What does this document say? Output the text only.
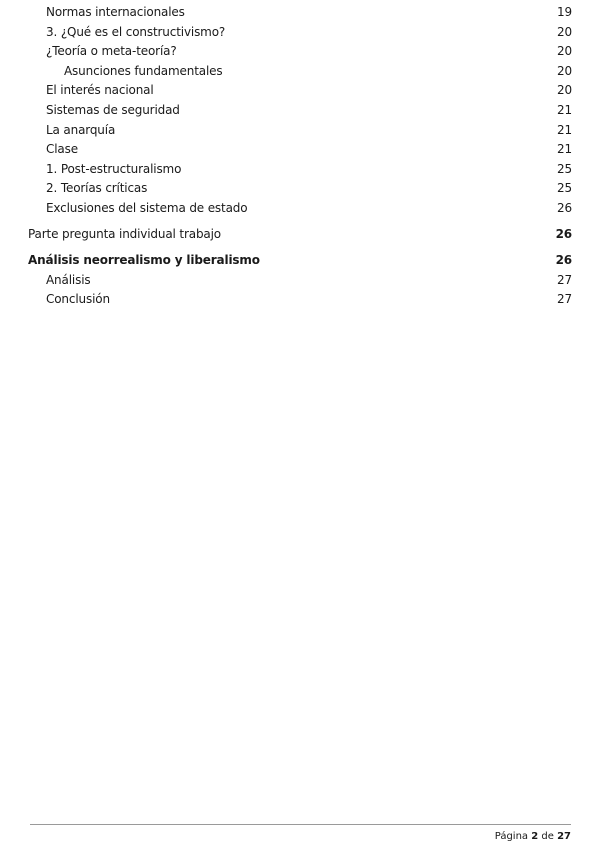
Normas internacionales	19
3. ¿Qué es el constructivismo?	20
¿Teoría o meta-teoría?	20
Asunciones fundamentales	20
El interés nacional	20
Sistemas de seguridad	21
La anarquía	21
Clase	21
1. Post-estructuralismo	25
2. Teorías críticas	25
Exclusiones del sistema de estado	26
Parte pregunta individual trabajo	26
Análisis neorrealismo y liberalismo	26
Análisis	27
Conclusión	27
Página 2 de 27
